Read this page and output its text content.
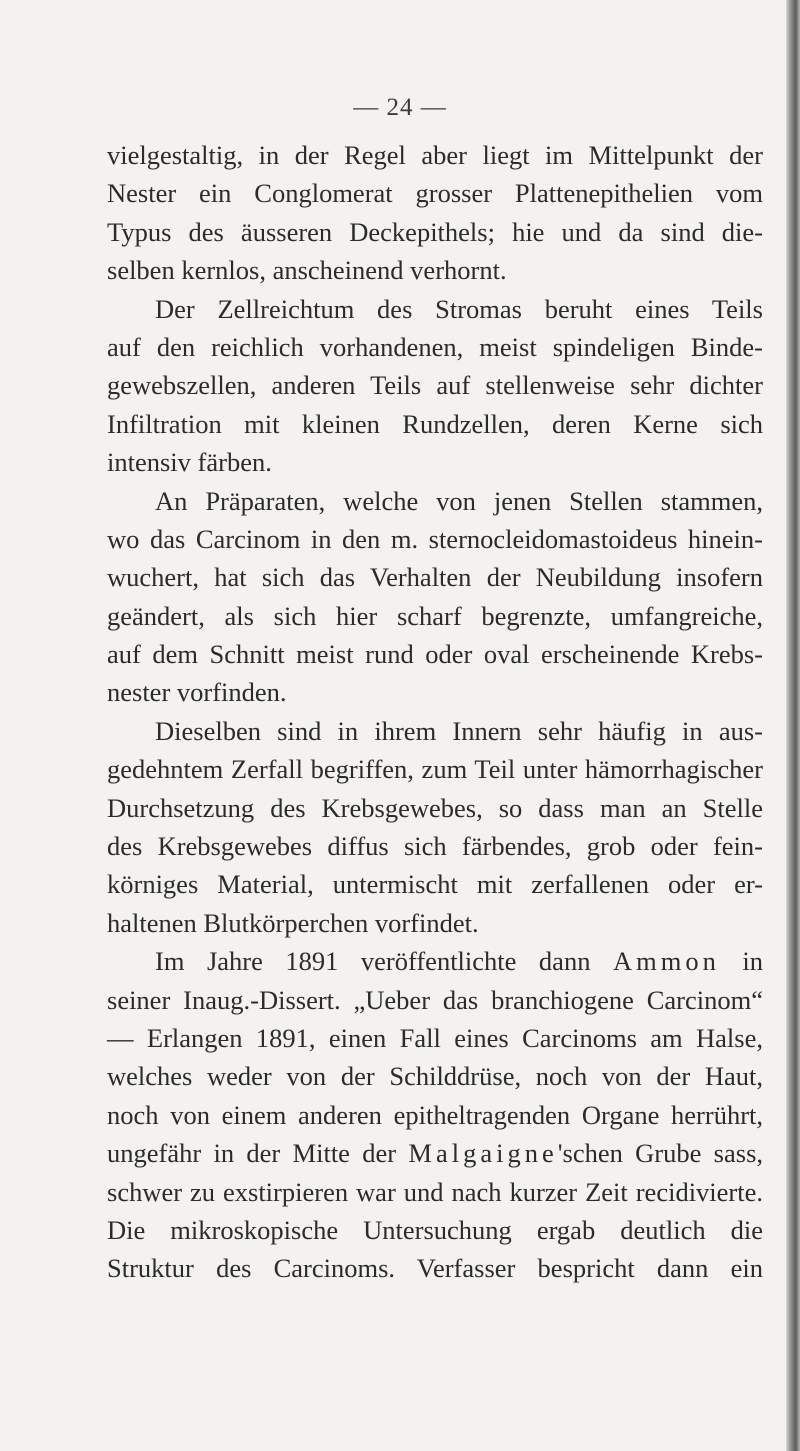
— 24 —
vielgestaltig, in der Regel aber liegt im Mittelpunkt der
Nester ein Conglomerat grosser Plattenepithelien vom
Typus des äusseren Deckepithels; hie und da sind die-
selben kernlos, anscheinend verhornt.
Der Zellreichtum des Stromas beruht eines Teils
auf den reichlich vorhandenen, meist spindeligen Binde-
gewebszellen, anderen Teils auf stellenweise sehr dichter
Infiltration mit kleinen Rundzellen, deren Kerne sich
intensiv färben.
An Präparaten, welche von jenen Stellen stammen,
wo das Carcinom in den m. sternocleidomastoideus hinein-
wuchert, hat sich das Verhalten der Neubildung insofern
geändert, als sich hier scharf begrenzte, umfangreiche,
auf dem Schnitt meist rund oder oval erscheinende Krebs-
nester vorfinden.
Dieselben sind in ihrem Innern sehr häufig in aus-
gedehntem Zerfall begriffen, zum Teil unter hämorrhagischer
Durchsetzung des Krebsgewebes, so dass man an Stelle
des Krebsgewebes diffus sich färbendes, grob oder fein-
körniges Material, untermischt mit zerfallenen oder er-
haltenen Blutkörperchen vorfindet.
Im Jahre 1891 veröffentlichte dann Ammon in
seiner Inaug.-Dissert. „Ueber das branchiogene Carcinom“
— Erlangen 1891, einen Fall eines Carcinoms am Halse,
welches weder von der Schilddrüse, noch von der Haut,
noch von einem anderen epitheltragenden Organe herrührt,
ungefähr in der Mitte der Malgaigne'schen Grube sass,
schwer zu exstirpieren war und nach kurzer Zeit recidivierte.
Die mikroskopische Untersuchung ergab deutlich die
Struktur des Carcinoms. Verfasser bespricht dann ein
